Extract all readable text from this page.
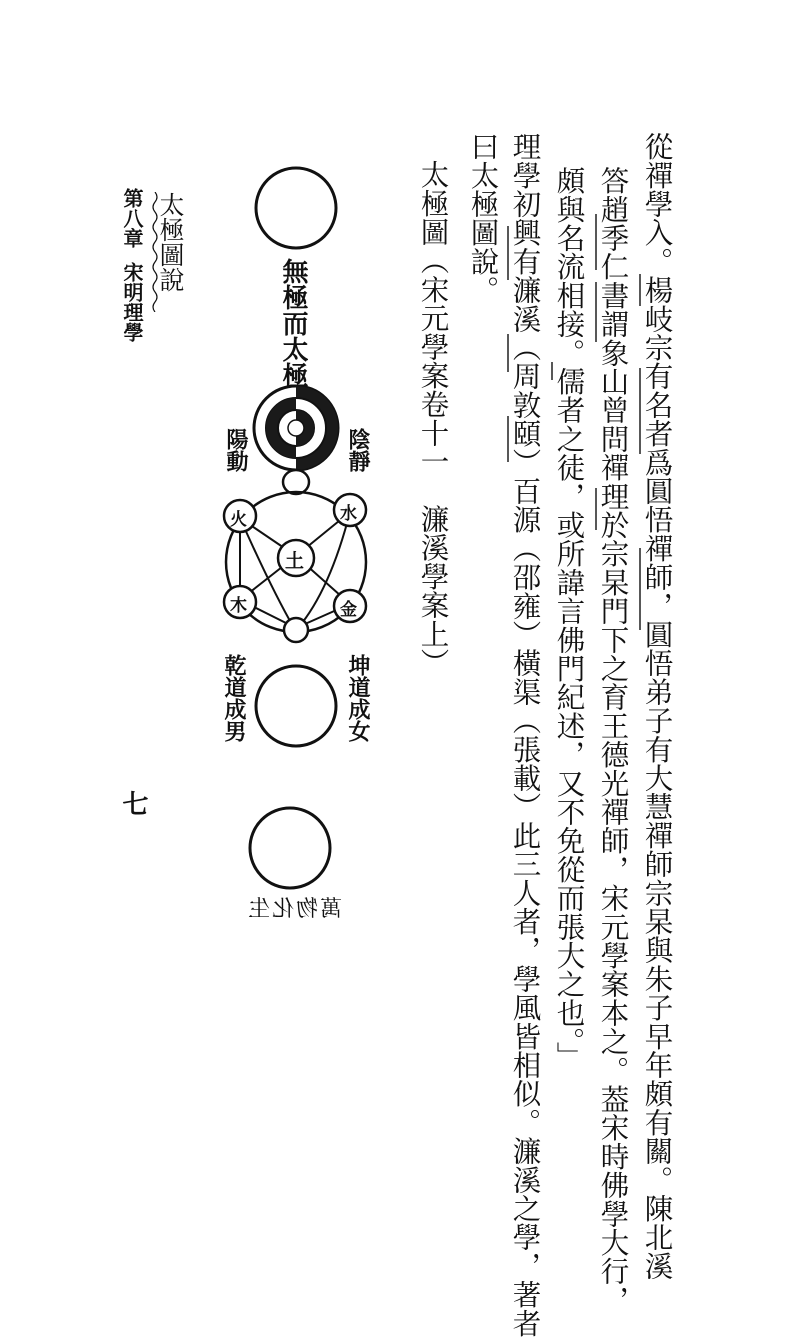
從禪學入。楊岐宗有名者爲圓悟禪師，圓悟弟子有大慧禪師宗杲與朱子早年頗有關。陳北溪
答趙季仁書謂象山曾問禪理於宗杲門下之育王德光禪師，宋元學案本之。葢宋時佛學大行，
頗與名流相接。儒者之徒，或所諱言佛門紀述，又不免從而張大之也。」
理學初興有濂溪（周敦頤）百源（邵雍）橫渠（張載）此三人者，學風皆相似。濂溪之學，著者
曰太極圖說。
太極圖（宋元學案卷十一　濂溪學案上）
太極圖說
第八章
宋明理學
七
無極而太極
陽動	陰靜
火	水
土
木	金
乾道成男	坤道成女
萬物化生
